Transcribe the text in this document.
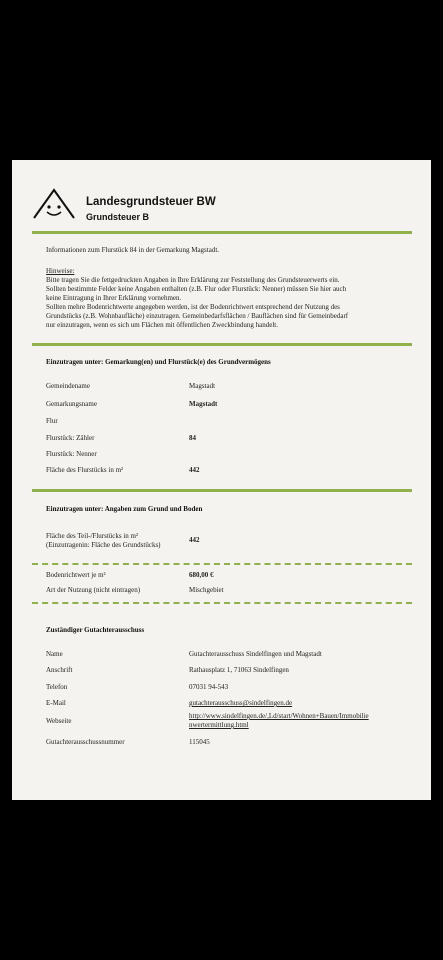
Landesgrundsteuer BW
Grundsteuer B
Informationen zum Flurstück 84 in der Gemarkung Magstadt.
Hinweise:
Bitte tragen Sie die fettgedruckten Angaben in Ihre Erklärung zur Feststellung des Grundsteuerwerts ein.
Sollten bestimmte Felder keine Angaben enthalten (z.B. Flur oder Flurstück: Nenner) müssen Sie hier auch
keine Eintragung in Ihrer Erklärung vornehmen.
Sollten mehre Bodenrichtwerte angegeben werden, ist der Bodenrichtwert entsprechend der Nutzung des
Grundstücks (z.B. Wohnbaufläche) einzutragen. Gemeinbedarfsflächen / Bauflächen sind für Gemeinbedarf
nur einzutragen, wenn es sich um Flächen mit öffentlichen Zweckbindung handelt.
Einzutragen unter: Gemarkung(en) und Flurstück(e) des Grundvermögens
Gemeindename	Magstadt
Gemarkungsname	Magstadt
Flur
Flurstück: Zähler	84
Flurstück: Nenner
Fläche des Flurstücks in m²	442
Einzutragen unter: Angaben zum Grund und Boden
Fläche des Teil-/Flurstücks in m²
(Einzutragenin: Fläche des Grundstücks)
442
Bodenrichtwert je m²	680,00 €
Art der Nutzung (nicht eintragen)	Mischgebiet
Zuständiger Gutachterausschuss
Name	Gutachterausschuss Sindelfingen und Magstadt
Anschrift	Rathausplatz 1, 71063 Sindelfingen
Telefon	07031 94-543
E-Mail	gutachterausschuss@sindelfingen.de
Webseite
http://www.sindelfingen.de/,Ld/start/Wohnen+Bauen/Immobilie
nwertermittlung.html
Gutachterausschussnummer	115045
